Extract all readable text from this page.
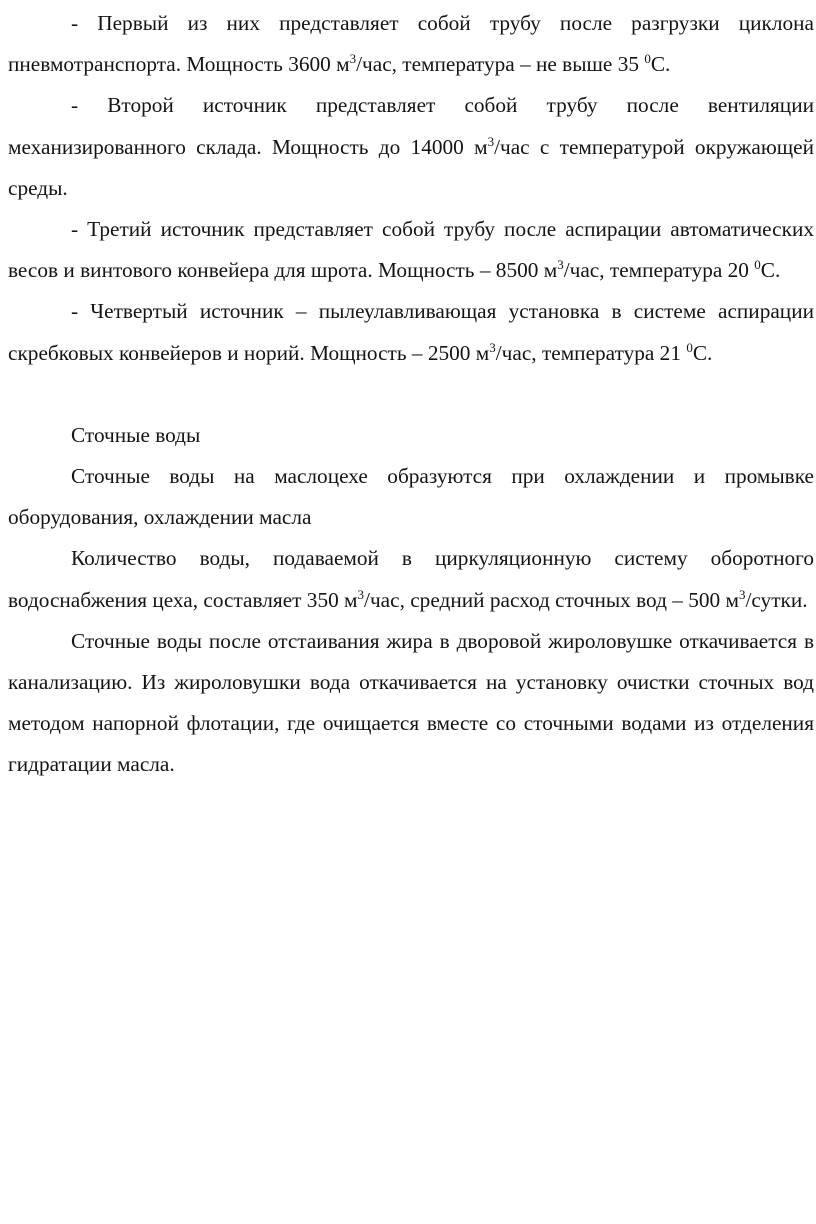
- Первый из них представляет собой трубу после разгрузки циклона пневмотранспорта. Мощность 3600 $м^3$/час, температура – не выше 35 $^0$С.

- Второй источник представляет собой трубу после вентиляции механизированного склада. Мощность до 14000 $м^3$/час с температурой окружающей среды.

- Третий источник представляет собой трубу после аспирации автоматических весов и винтового конвейера для шрота. Мощность – 8500 $м^3$/час, температура 20 $^0$С.

- Четвертый источник – пылеулавливающая установка в системе аспирации скребковых конвейеров и норий. Мощность – 2500 $м^3$/час, температура 21 $^0$С.

Сточные воды

Сточные воды на маслоцехе образуются при охлаждении и промывке оборудования, охлаждении масла

Количество воды, подаваемой в циркуляционную систему оборотного водоснабжения цеха, составляет 350 $м^3$/час, средний расход сточных вод – 500 $м^3$/сутки.

Сточные воды после отстаивания жира в дворовой жироловушке откачивается в канализацию. Из жироловушки вода откачивается на установку очистки сточных вод методом напорной флотации, где очищается вместе со сточными водами из отделения гидратации масла.
